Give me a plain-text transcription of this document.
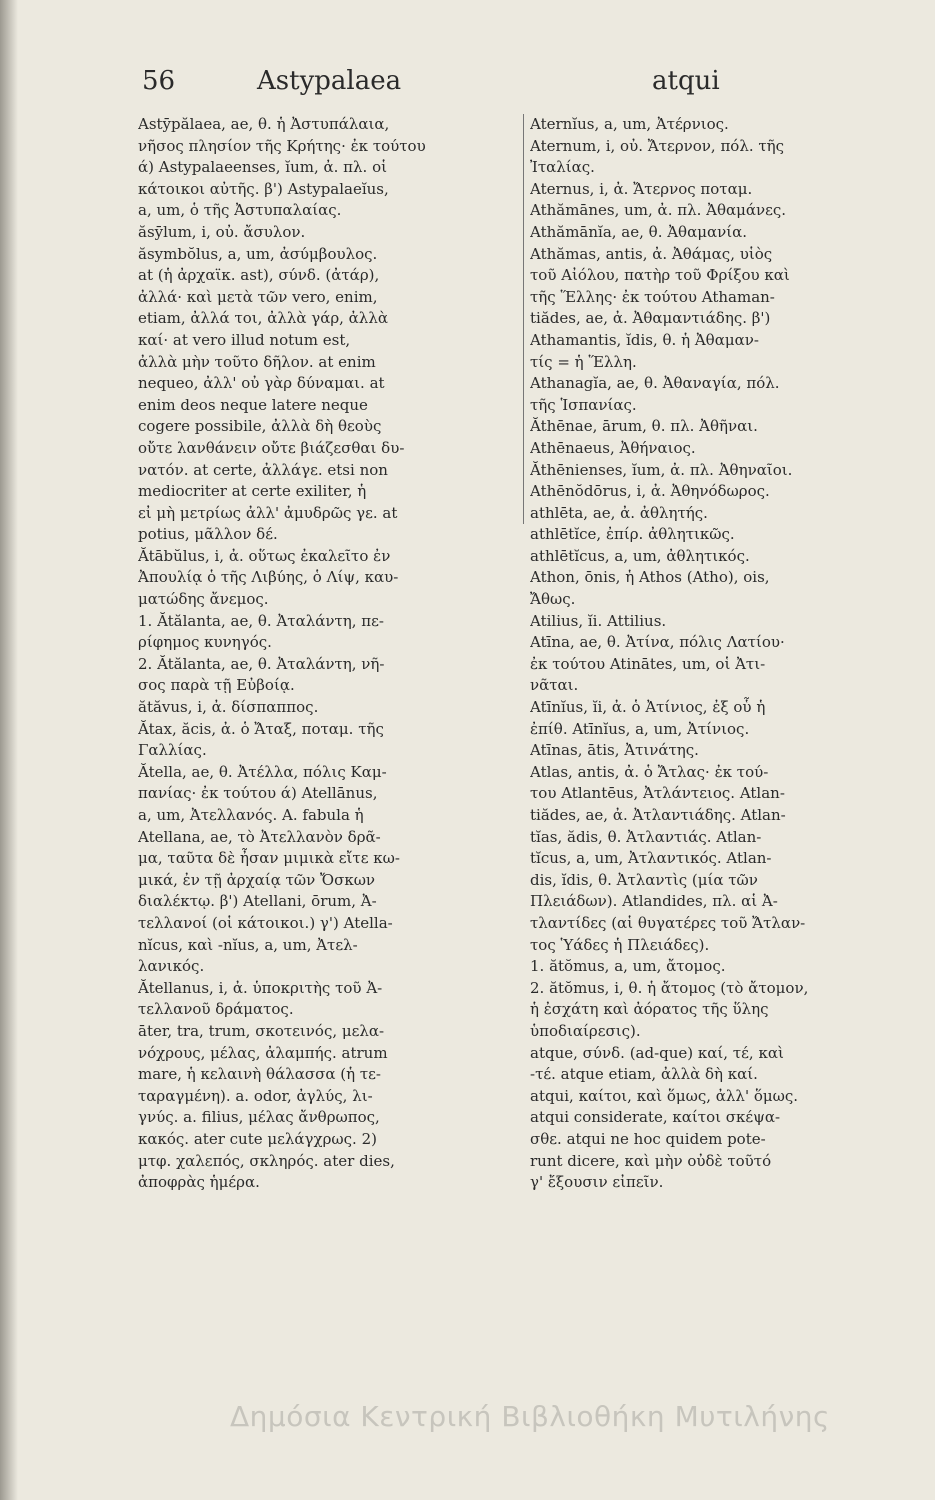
56	Astypalaea	atqui
Astȳpălaea, ae, θ. ἡ Ἀστυπάλαια,
νῆσος πλησίον τῆς Κρήτης· ἐκ τούτου
ά) Astypalaeenses, ĭum, ἀ. πλ. οἱ
κάτοικοι αὐτῆς. β') Astypalaeĭus,
a, um, ὁ τῆς Ἀστυπαλαίας.
ăsȳlum, i, οὐ. ἄσυλον.
ăsymbŏlus, a, um, ἀσύμβουλος.
at (ἡ ἀρχαϊκ. ast), σύνδ. (ἀτάρ),
ἀλλά· καὶ μετὰ τῶν vero, enim,
etiam, ἀλλά τοι, ἀλλὰ γάρ, ἀλλὰ
καί· at vero illud notum est,
ἀλλὰ μὴν τοῦτο δῆλον. at enim
nequeo, ἀλλ' οὐ γὰρ δύναμαι. at
enim deos neque latere neque
cogere possibile, ἀλλὰ δὴ θεοὺς
οὔτε λανθάνειν οὔτε βιάζεσθαι δυ-
νατόν. at certe, ἀλλάγε. etsi non
mediocriter at certe exiliter, ἡ
εἰ μὴ μετρίως ἀλλ' ἀμυδρῶς γε. at
potius, μᾶλλον δέ.
Ătābŭlus, i, ἀ. οὕτως ἐκαλεῖτο ἐν
Ἀπουλίᾳ ὁ τῆς Λιβύης, ὁ Λίψ, καυ-
ματώδης ἄνεμος.
1. Ătălanta, ae, θ. Ἀταλάντη, πε-
ρίφημος κυνηγός.
2. Ătălanta, ae, θ. Ἀταλάντη, νῆ-
σος παρὰ τῇ Εὐβοίᾳ.
ătăvus, i, ἀ. δίσπαππος.
Ătax, ăcis, ἀ. ὁ Ἄταξ, ποταμ. τῆς
Γαλλίας.
Ătella, ae, θ. Ἀτέλλα, πόλις Καμ-
πανίας· ἐκ τούτου ά) Atellānus,
a, um, Ἀτελλανός. A. fabula ἡ
Atellana, ae, τὸ Ἀτελλανὸν δρᾶ-
μα, ταῦτα δὲ ἦσαν μιμικὰ εἴτε κω-
μικά, ἐν τῇ ἀρχαίᾳ τῶν Ὄσκων
διαλέκτῳ. β') Atellani, ōrum, Ἀ-
τελλανοί (οἱ κάτοικοι.) γ') Atella-
nĭcus, καὶ -nĭus, a, um, Ἀτελ-
λανικός.
Ătellanus, i, ἀ. ὑποκριτὴς τοῦ Ἀ-
τελλανοῦ δράματος.
āter, tra, trum, σκοτεινός, μελα-
νόχρους, μέλας, ἀλαμπής. atrum
mare, ἡ κελαινὴ θάλασσα (ἡ τε-
ταραγμένη). a. odor, ἀγλύς, λι-
γνύς. a. filius, μέλας ἄνθρωπος,
κακός. ater cute μελάγχρως. 2)
μτφ. χαλεπός, σκληρός. ater dies,
ἀποφρὰς ἡμέρα.
Aternĭus, a, um, Ἀτέρνιος.
Aternum, i, οὐ. Ἄτερνον, πόλ. τῆς
Ἰταλίας.
Aternus, i, ἀ. Ἄτερνος ποταμ.
Athămānes, um, ἀ. πλ. Ἀθαμάνες.
Athămānĭa, ae, θ. Ἀθαμανία.
Athămas, antis, ἀ. Ἀθάμας, υἱὸς
τοῦ Αἰόλου, πατὴρ τοῦ Φρίξου καὶ
τῆς Ἕλλης· ἐκ τούτου Athaman-
tiădes, ae, ἀ. Ἀθαμαντιάδης. β')
Athamantis, ĭdis, θ. ἡ Ἀθαμαν-
τίς = ἡ Ἕλλη.
Athanagĭa, ae, θ. Ἀθαναγία, πόλ.
τῆς Ἱσπανίας.
Ăthēnae, ārum, θ. πλ. Ἀθῆναι.
Athēnaeus, Ἀθήναιος.
Ăthēnienses, ĭum, ἀ. πλ. Ἀθηναῖοι.
Athēnŏdōrus, i, ἀ. Ἀθηνόδωρος.
athlēta, ae, ἀ. ἀθλητής.
athlētĭce, ἐπίρ. ἀθλητικῶς.
athlētĭcus, a, um, ἀθλητικός.
Athon, ōnis, ἡ Athos (Atho), ois,
Ἄθως.
Atilius, ĭi. Attilius.
Atīna, ae, θ. Ἀτίνα, πόλις Λατίου·
ἐκ τούτου Atinātes, um, οἱ Ἀτι-
νᾶται.
Atīnĭus, ĭi, ἀ. ὁ Ἀτίνιος, ἐξ οὗ ἡ
ἐπίθ. Atīnĭus, a, um, Ἀτίνιος.
Atīnas, ātis, Ἀτινάτης.
Atlas, antis, ἀ. ὁ Ἄτλας· ἐκ τού-
του Atlantēus, Ἀτλάντειος. Atlan-
tiădes, ae, ἀ. Ἀτλαντιάδης. Atlan-
tĭas, ădis, θ. Ἀτλαντιάς. Atlan-
tĭcus, a, um, Ἀτλαντικός. Atlan-
dis, ĭdis, θ. Ἀτλαντὶς (μία τῶν
Πλειάδων). Atlandides, πλ. αἱ Ἀ-
τλαντίδες (αἱ θυγατέρες τοῦ Ἄτλαν-
τος Ὑάδες ἡ Πλειάδες).
1. ătŏmus, a, um, ἄτομος.
2. ătŏmus, i, θ. ἡ ἄτομος (τὸ ἄτομον,
ἡ ἐσχάτη καὶ ἀόρατος τῆς ὕλης
ὑποδιαίρεσις).
atque, σύνδ. (ad-que) καί, τέ, καὶ
-τέ. atque etiam, ἀλλὰ δὴ καί.
atqui, καίτοι, καὶ ὅμως, ἀλλ' ὅμως.
atqui considerate, καίτοι σκέψα-
σθε. atqui ne hoc quidem pote-
runt dicere, καὶ μὴν οὐδὲ τοῦτό
γ' ἔξουσιν εἰπεῖν.
Δημόσια Κεντρική Βιβλιοθήκη Μυτιλήνης
